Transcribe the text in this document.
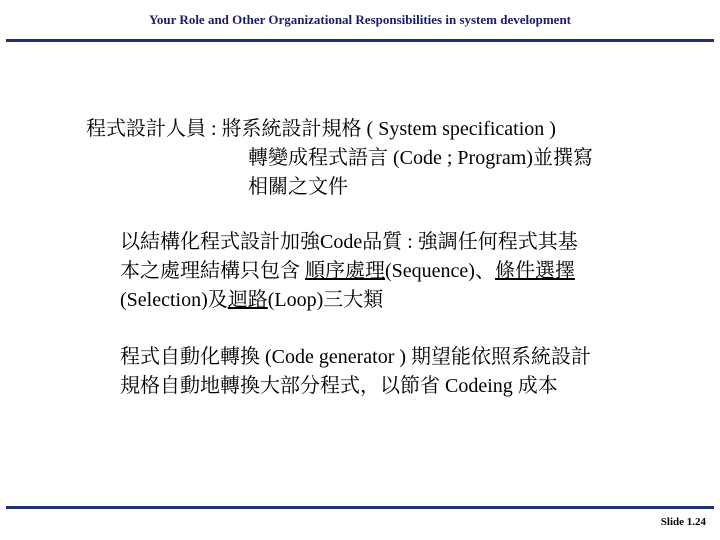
Your Role and Other Organizational Responsibilities in system development
程式設計人員 : 將系統設計規格 ( System specification )
轉變成程式語言 (Code ; Program)並撰寫
相關之文件
以結構化程式設計加強Code品質 : 強調任何程式其基
本之處理結構只包含 順序處理(Sequence)、條件選擇
(Selection)及迴路(Loop)三大類
程式自動化轉換 (Code generator ) 期望能依照系統設計
規格自動地轉換大部分程式，以節省 Codeing 成本
Slide 1.24
